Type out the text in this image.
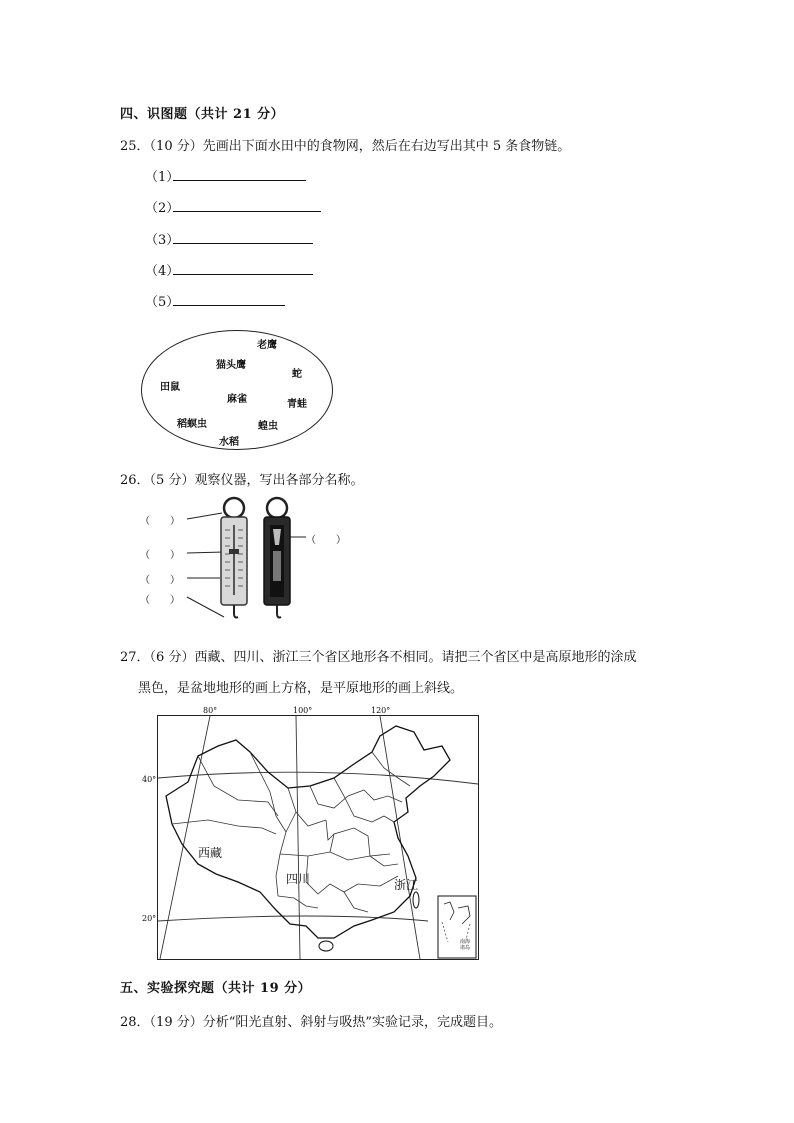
四、识图题（共计 21 分）
25．（10 分）先画出下面水田中的食物网，然后在右边写出其中 5 条食物链。
（1）
（2）
（3）
（4）
（5）
老鹰
猫头鹰
蛇
田鼠
麻雀	青蛙
稻螟虫	蝗虫
水稻
26．（5 分）观察仪器，写出各部分名称。
（　　）
（　　）
（　　）
（　　）
（　　）
27．（6 分）西藏、四川、浙江三个省区地形各不相同。请把三个省区中是高原地形的涂成
黑色，是盆地地形的画上方格，是平原地形的画上斜线。
80°	100°	120°
40°
20°
西藏
四川	浙江
南海诸岛
五、实验探究题（共计 19 分）
28．（19 分）分析“阳光直射、斜射与吸热”实验记录，完成题目。
